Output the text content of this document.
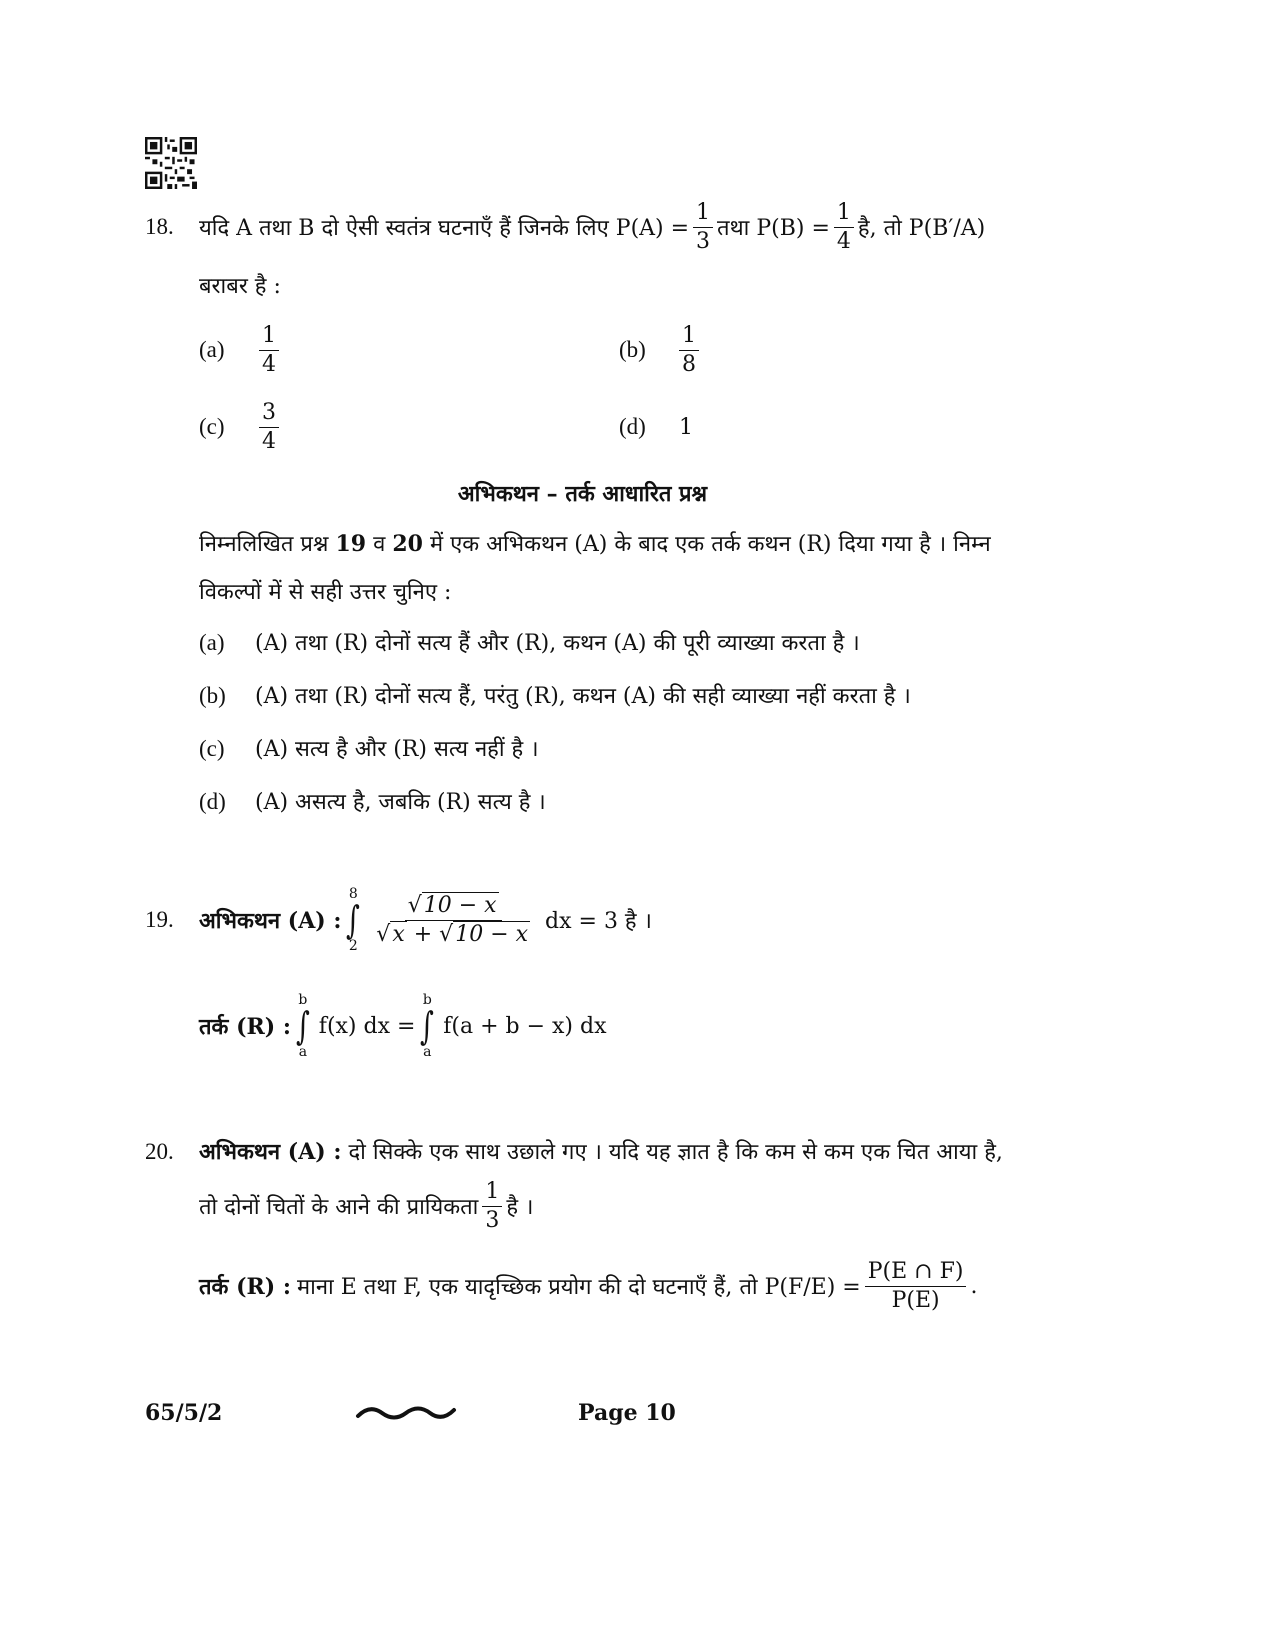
18.	यदि A तथा B दो ऐसी स्वतंत्र घटनाएँ हैं जिनके लिए $P(A) = \frac{1}{3}$ तथा $P(B) = \frac{1}{4}$ है, तो P(B′/A)
बराबर है :
(a)	$\frac{1}{4}$	(b)	$\frac{1}{8}$
(c)	$\frac{3}{4}$	(d)	1
अभिकथन – तर्क आधारित प्रश्न
निम्नलिखित प्रश्न 19 व 20 में एक अभिकथन (A) के बाद एक तर्क कथन (R) दिया गया है । निम्न
विकल्पों में से सही उत्तर चुनिए :
(a) (A) तथा (R) दोनों सत्य हैं और (R), कथन (A) की पूरी व्याख्या करता है ।
(b) (A) तथा (R) दोनों सत्य हैं, परंतु (R), कथन (A) की सही व्याख्या नहीं करता है ।
(c) (A) सत्य है और (R) सत्य नहीं है ।
(d) (A) असत्य है, जबकि (R) सत्य है ।
19.	अभिकथन (A) :
8
∫
2
$\frac{√10 - x}{√x + √10 - x}$ dx = 3 है ।
तर्क (R) :
b
∫
a
f(x) dx =
b
∫
a
f(a + b − x) dx
20. अभिकथन (A) : दो सिक्के एक साथ उछाले गए । यदि यह ज्ञात है कि कम से कम एक चित आया है,
तो दोनों चितों के आने की प्रायिकता $\frac{1}{3}$ है ।
तर्क (R) : माना E तथा F, एक यादृच्छिक प्रयोग की दो घटनाएँ हैं, तो $P(F/E) = \frac{P(E \cap F)}{P(E)}$ .
65/5/2	Page 10
